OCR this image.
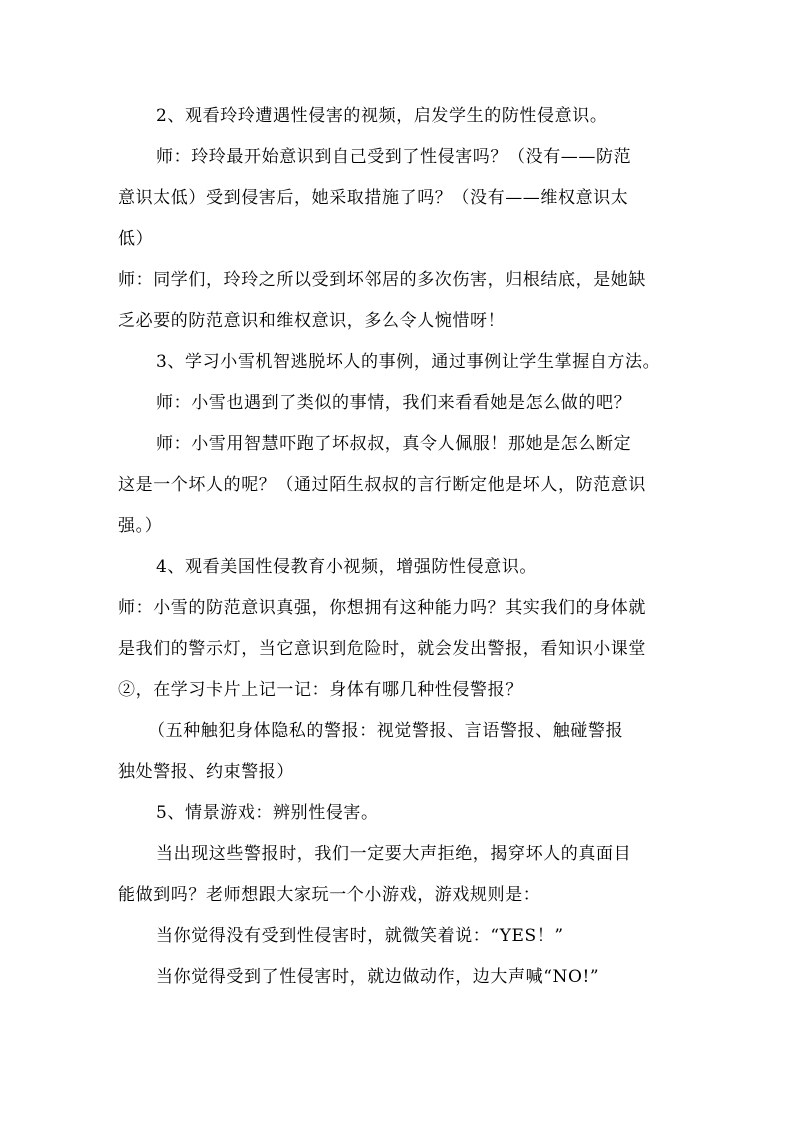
2、观看玲玲遭遇性侵害的视频，启发学生的防性侵意识。
师：玲玲最开始意识到自己受到了性侵害吗？（没有——防范
意识太低）受到侵害后，她采取措施了吗？（没有——维权意识太
低）
师：同学们，玲玲之所以受到坏邻居的多次伤害，归根结底，是她缺
乏必要的防范意识和维权意识，多么令人惋惜呀！
3、学习小雪机智逃脱坏人的事例，通过事例让学生掌握自方法。
师：小雪也遇到了类似的事情，我们来看看她是怎么做的吧？
师：小雪用智慧吓跑了坏叔叔，真令人佩服！那她是怎么断定
这是一个坏人的呢？（通过陌生叔叔的言行断定他是坏人，防范意识
强。）
4、观看美国性侵教育小视频，增强防性侵意识。
师：小雪的防范意识真强，你想拥有这种能力吗？其实我们的身体就
是我们的警示灯，当它意识到危险时，就会发出警报，看知识小课堂
②，在学习卡片上记一记：身体有哪几种性侵警报？
（五种触犯身体隐私的警报：视觉警报、言语警报、触碰警报
独处警报、约束警报）
5、情景游戏：辨别性侵害。
当出现这些警报时，我们一定要大声拒绝，揭穿坏人的真面目
能做到吗？老师想跟大家玩一个小游戏，游戏规则是：
当你觉得没有受到性侵害时，就微笑着说：“YES！”
当你觉得受到了性侵害时，就边做动作，边大声喊“NO!”
